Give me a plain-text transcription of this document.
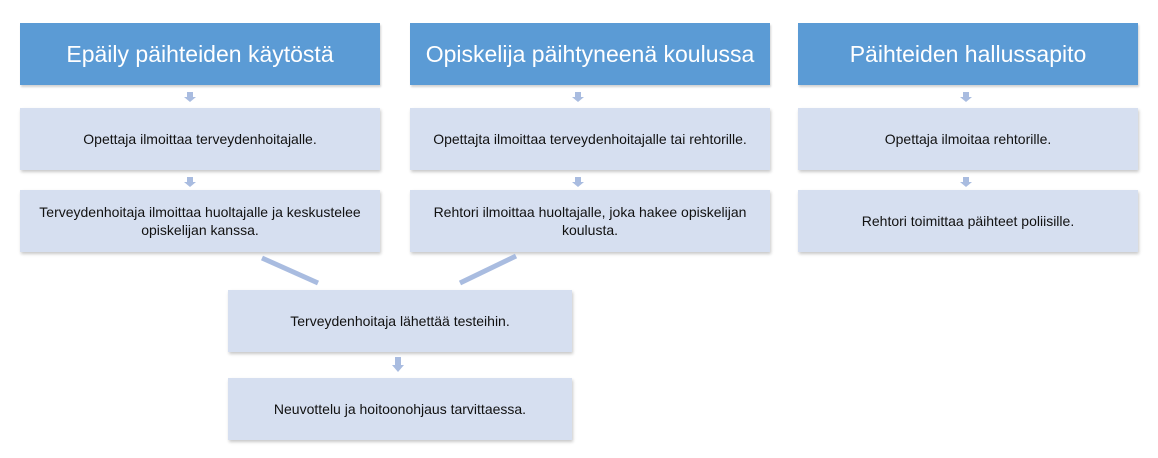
Epäily päihteiden käytöstä
Opettaja ilmoittaa terveydenhoitajalle.
Terveydenhoitaja ilmoittaa huoltajalle ja keskustelee opiskelijan kanssa.
Opiskelija päihtyneenä koulussa
Opettajta ilmoittaa terveydenhoitajalle tai rehtorille.
Rehtori ilmoittaa huoltajalle, joka hakee opiskelijan koulusta.
Päihteiden hallussapito
Opettaja ilmoitaa rehtorille.
Rehtori toimittaa päihteet poliisille.
Terveydenhoitaja lähettää testeihin.
Neuvottelu ja hoitoonohjaus tarvittaessa.
